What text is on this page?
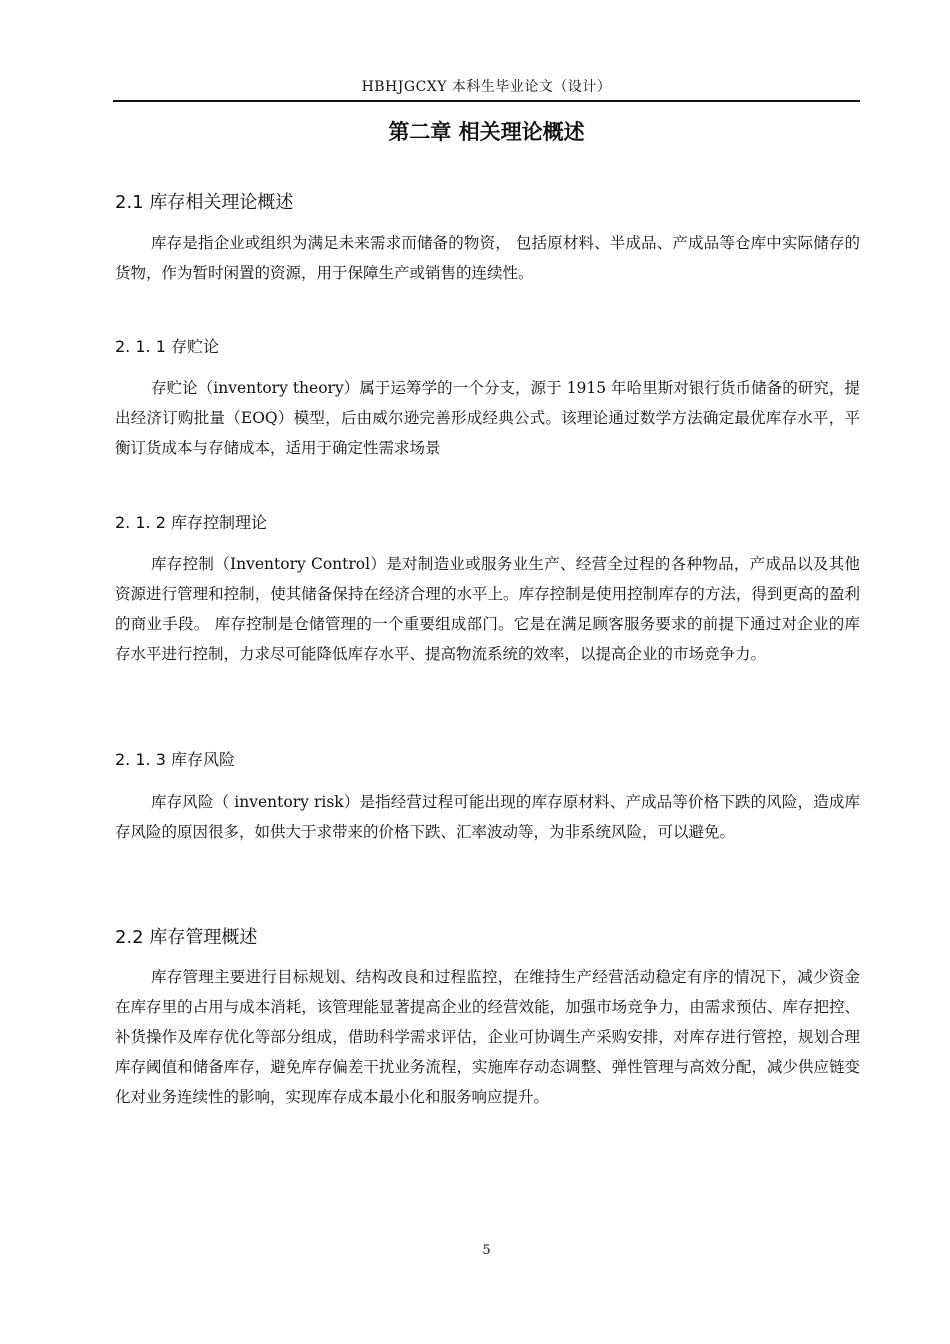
HBHJGCXY 本科生毕业论文（设计）
第二章 相关理论概述
2.1 库存相关理论概述
库存是指企业或组织为满足未来需求而储备的物资， 包括原材料、半成品、产成品等仓库中实际储存的货物，作为暂时闲置的资源，用于保障生产或销售的连续性。
2. 1. 1 存贮论
存贮论（inventory theory）属于运筹学的一个分支，源于 1915 年哈里斯对银行货币储备的研究，提出经济订购批量（EOQ）模型，后由威尔逊完善形成经典公式。该理论通过数学方法确定最优库存水平，平衡订货成本与存储成本，适用于确定性需求场景
2. 1. 2 库存控制理论
库存控制（Inventory Control）是对制造业或服务业生产、经营全过程的各种物品，产成品以及其他资源进行管理和控制，使其储备保持在经济合理的水平上。库存控制是使用控制库存的方法，得到更高的盈利的商业手段。 库存控制是仓储管理的一个重要组成部门。它是在满足顾客服务要求的前提下通过对企业的库存水平进行控制，力求尽可能降低库存水平、提高物流系统的效率，以提高企业的市场竞争力。
2. 1. 3 库存风险
库存风险（ inventory risk）是指经营过程可能出现的库存原材料、产成品等价格下跌的风险，造成库存风险的原因很多，如供大于求带来的价格下跌、汇率波动等，为非系统风险，可以避免。
2.2 库存管理概述
库存管理主要进行目标规划、结构改良和过程监控，在维持生产经营活动稳定有序的情况下，减少资金在库存里的占用与成本消耗，该管理能显著提高企业的经营效能，加强市场竞争力，由需求预估、库存把控、补货操作及库存优化等部分组成，借助科学需求评估，企业可协调生产采购安排，对库存进行管控，规划合理库存阈值和储备库存，避免库存偏差干扰业务流程，实施库存动态调整、弹性管理与高效分配，减少供应链变化对业务连续性的影响，实现库存成本最小化和服务响应提升。
5
